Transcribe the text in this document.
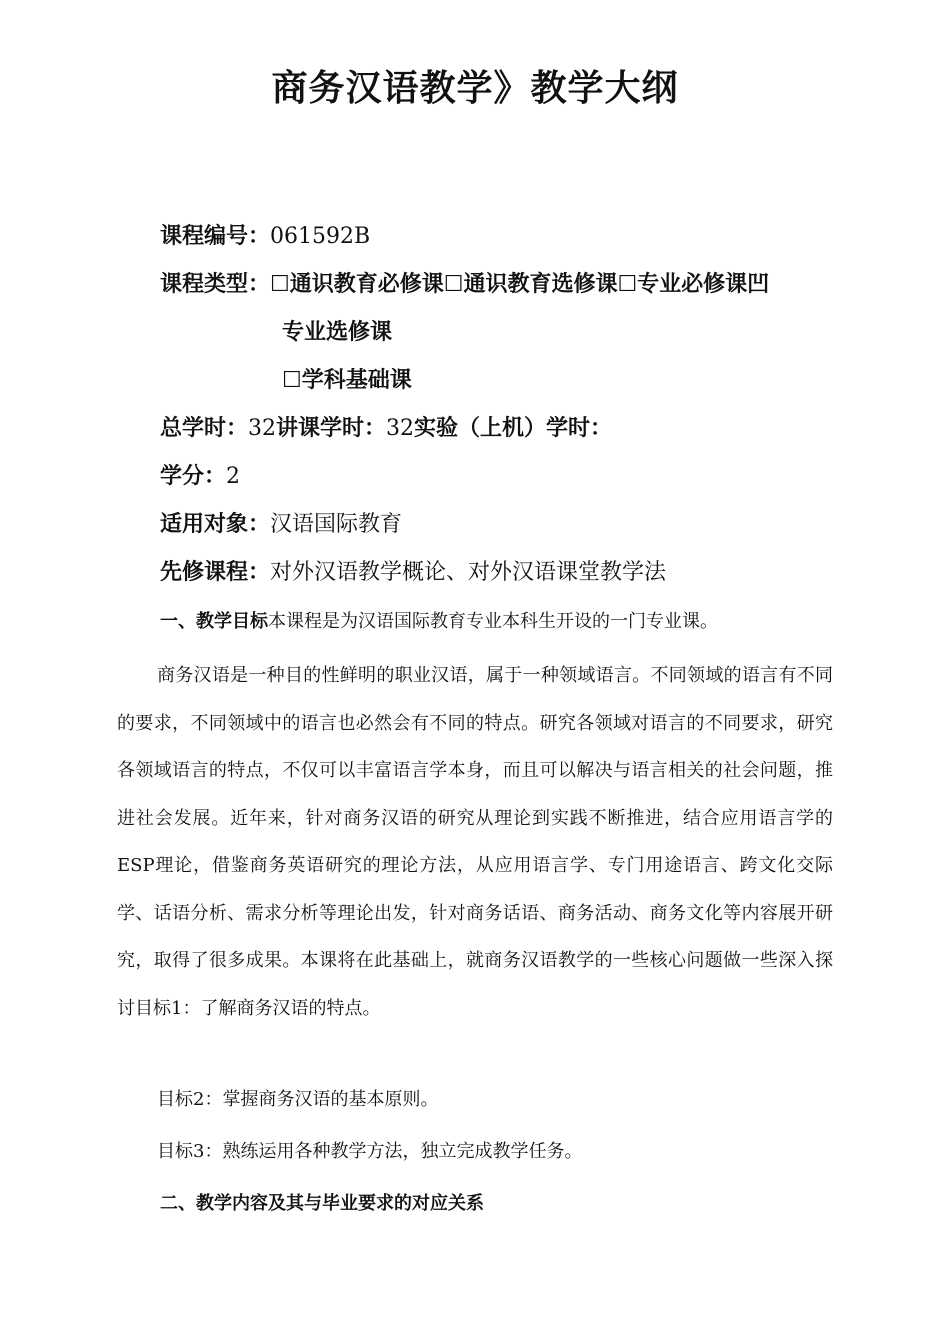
商务汉语教学》教学大纲
课程编号：061592B
课程类型：☐通识教育必修课☐通识教育选修课☐专业必修课凹
专业选修课
☐学科基础课
总学时：32讲课学时：32实验（上机）学时：
学分：2
适用对象：汉语国际教育
先修课程：对外汉语教学概论、对外汉语课堂教学法
一、教学目标本课程是为汉语国际教育专业本科生开设的一门专业课。
商务汉语是一种目的性鲜明的职业汉语，属于一种领域语言。不同领域的语言有不同的要求，不同领域中的语言也必然会有不同的特点。研究各领域对语言的不同要求，研究各领域语言的特点，不仅可以丰富语言学本身，而且可以解决与语言相关的社会问题，推进社会发展。近年来，针对商务汉语的研究从理论到实践不断推进，结合应用语言学的ESP理论，借鉴商务英语研究的理论方法，从应用语言学、专门用途语言、跨文化交际学、话语分析、需求分析等理论出发，针对商务话语、商务活动、商务文化等内容展开研究，取得了很多成果。本课将在此基础上，就商务汉语教学的一些核心问题做一些深入探讨目标1：了解商务汉语的特点。
目标2：掌握商务汉语的基本原则。
目标3：熟练运用各种教学方法，独立完成教学任务。
二、教学内容及其与毕业要求的对应关系
